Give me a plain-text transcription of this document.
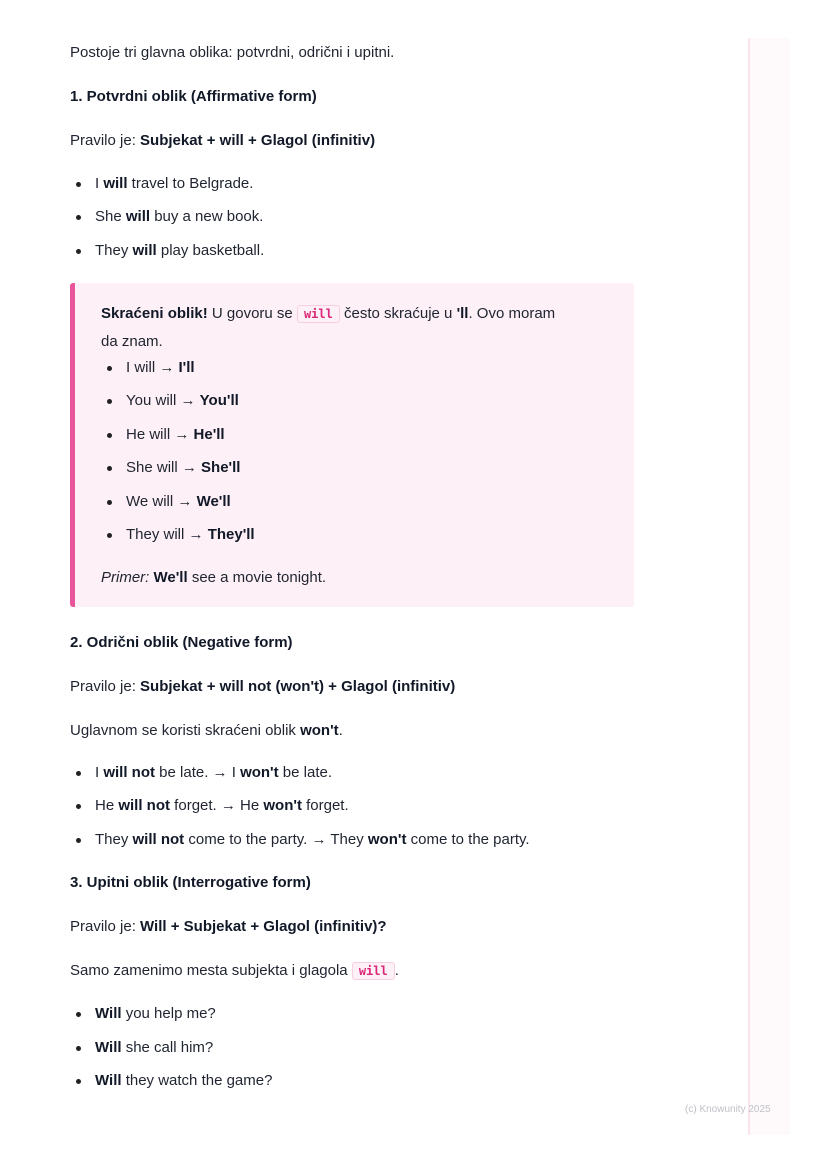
Postoje tri glavna oblika: potvrdni, odrični i upitni.
1. Potvrdni oblik (Affirmative form)
Pravilo je: Subjekat + will + Glagol (infinitiv)
I will travel to Belgrade.
She will buy a new book.
They will play basketball.
Skraćeni oblik! U govoru se will često skraćuje u 'll. Ovo moram
da znam.
I will → I'll
You will → You'll
He will → He'll
She will → She'll
We will → We'll
They will → They'll
Primer: We'll see a movie tonight.
2. Odrični oblik (Negative form)
Pravilo je: Subjekat + will not (won't) + Glagol (infinitiv)
Uglavnom se koristi skraćeni oblik won't.
I will not be late. → I won't be late.
He will not forget. → He won't forget.
They will not come to the party. → They won't come to the party.
3. Upitni oblik (Interrogative form)
Pravilo je: Will + Subjekat + Glagol (infinitiv)?
Samo zamenimo mesta subjekta i glagola will .
Will you help me?
Will she call him?
Will they watch the game?
(c) Knowunity 2025
